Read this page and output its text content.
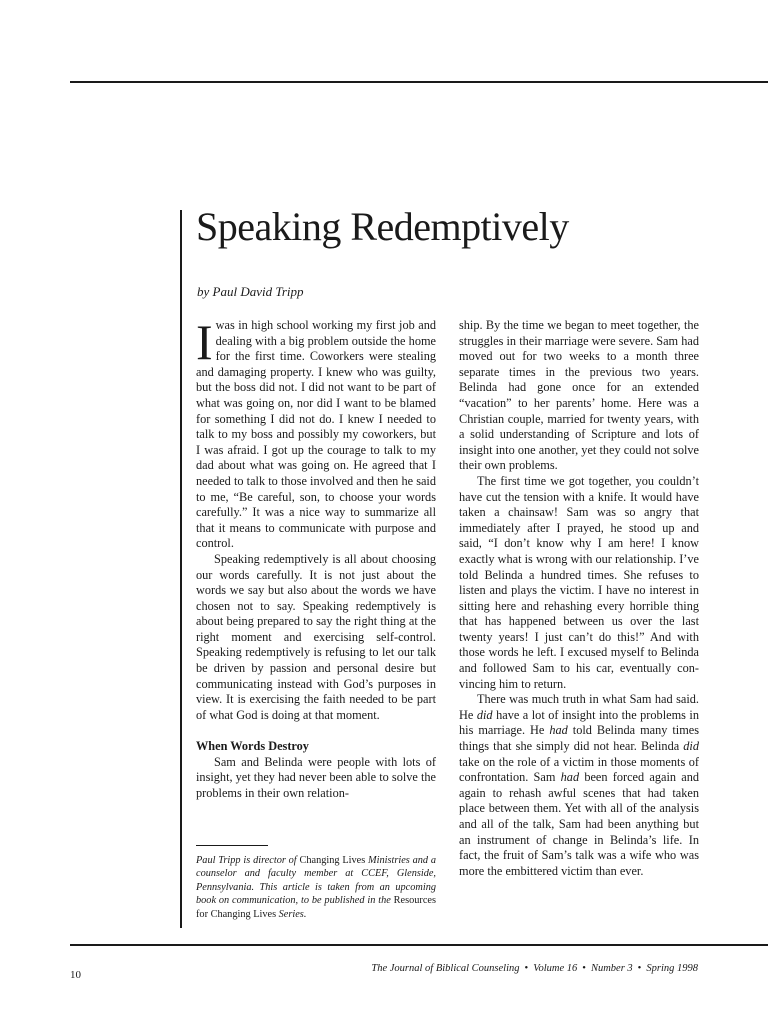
Speaking Redemptively
by Paul David Tripp

Iwas in high school working my first job and dealing with a big problem outside the home for the first time. Coworkers were stealing and damaging property. I knew who was guilty, but the boss did not. I did not want to be part of what was going on, nor did I want to be blamed for something I did not do. I knew I needed to talk to my boss and possibly my coworkers, but I was afraid. I got up the courage to talk to my dad about what was going on. He agreed that I needed to talk to those involved and then he said to me, “Be careful, son, to choose your words carefully.” It was a nice way to summarize all that it means to communicate with purpose and control.

Speaking redemptively is all about choosing our words carefully. It is not just about the words we say but also about the words we have chosen not to say. Speaking redemptively is about being prepared to say the right thing at the right moment and exercising self-control. Speaking redemptively is refusing to let our talk be driven by passion and personal desire but communicating instead with God’s purposes in view. It is exercising the faith needed to be part of what God is doing at that moment.

When Words Destroy

Sam and Belinda were people with lots of insight, yet they had never been able to solve the problems in their own relation-

Paul Tripp is director of Changing Lives Ministries and a counselor and faculty member at CCEF, Glenside, Pennsylvania. This article is taken from an upcoming book on communication, to be published in the Resources for Changing Lives Series.

ship. By the time we began to meet together, the struggles in their marriage were severe. Sam had moved out for two weeks to a month three separate times in the previous two years. Belinda had gone once for an extended “vacation” to her parents’ home. Here was a Christian couple, married for twenty years, with a solid understanding of Scripture and lots of insight into one another, yet they could not solve their own problems.

The first time we got together, you couldn’t have cut the tension with a knife. It would have taken a chainsaw! Sam was so angry that immediately after I prayed, he stood up and said, “I don’t know why I am here! I know exactly what is wrong with our relationship. I’ve told Belinda a hundred times. She refuses to listen and plays the victim. I have no interest in sitting here and rehashing every horrible thing that has happened between us over the last twenty years! I just can’t do this!” And with those words he left. I excused myself to Belinda and followed Sam to his car, eventually convincing him to return.

There was much truth in what Sam had said. He did have a lot of insight into the problems in his marriage. He had told Belinda many times things that she simply did not hear. Belinda did take on the role of a victim in those moments of confrontation. Sam had been forced again and again to rehash awful scenes that had taken place between them. Yet with all of the analysis and all of the talk, Sam had been anything but an instrument of change in Belinda’s life. In fact, the fruit of Sam’s talk was a wife who was more the embittered victim than ever.

10
The Journal of Biblical Counseling • Volume 16 • Number 3 • Spring 1998
